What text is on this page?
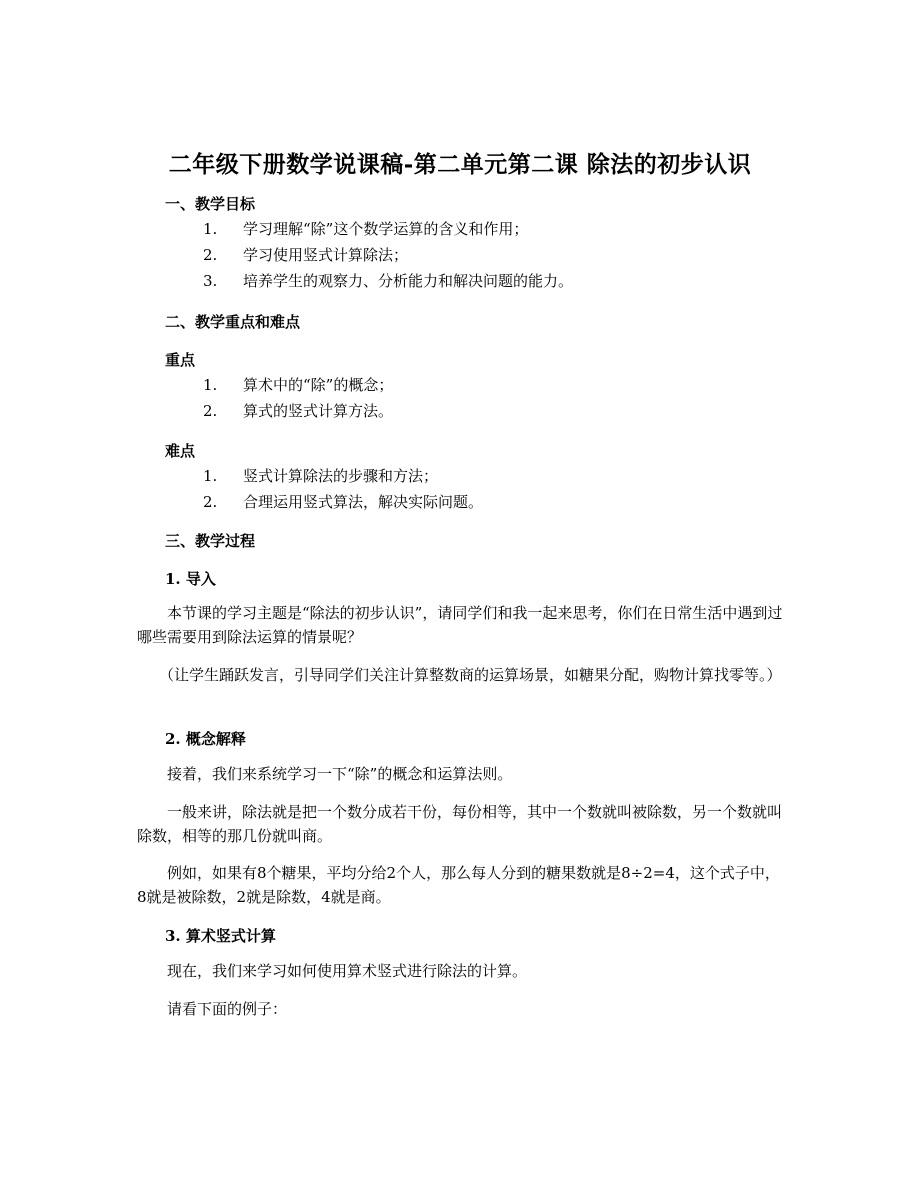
二年级下册数学说课稿-第二单元第二课 除法的初步认识
一、教学目标
1. 学习理解“除”这个数学运算的含义和作用；
2. 学习使用竖式计算除法；
3. 培养学生的观察力、分析能力和解决问题的能力。
二、教学重点和难点
重点
1. 算术中的“除”的概念；
2. 算式的竖式计算方法。
难点
1. 竖式计算除法的步骤和方法；
2. 合理运用竖式算法，解决实际问题。
三、教学过程
1. 导入

本节课的学习主题是“除法的初步认识”，请同学们和我一起来思考，你们在日常生活中遇到过哪些需要用到除法运算的情景呢？

（让学生踊跃发言，引导同学们关注计算整数商的运算场景，如糖果分配，购物计算找零等。）

2. 概念解释

接着，我们来系统学习一下“除”的概念和运算法则。

一般来讲，除法就是把一个数分成若干份，每份相等，其中一个数就叫被除数，另一个数就叫除数，相等的那几份就叫商。

例如，如果有8个糖果，平均分给2个人，那么每人分到的糖果数就是8÷2=4，这个式子中，8就是被除数，2就是除数，4就是商。

3. 算术竖式计算

现在，我们来学习如何使用算术竖式进行除法的计算。

请看下面的例子：
